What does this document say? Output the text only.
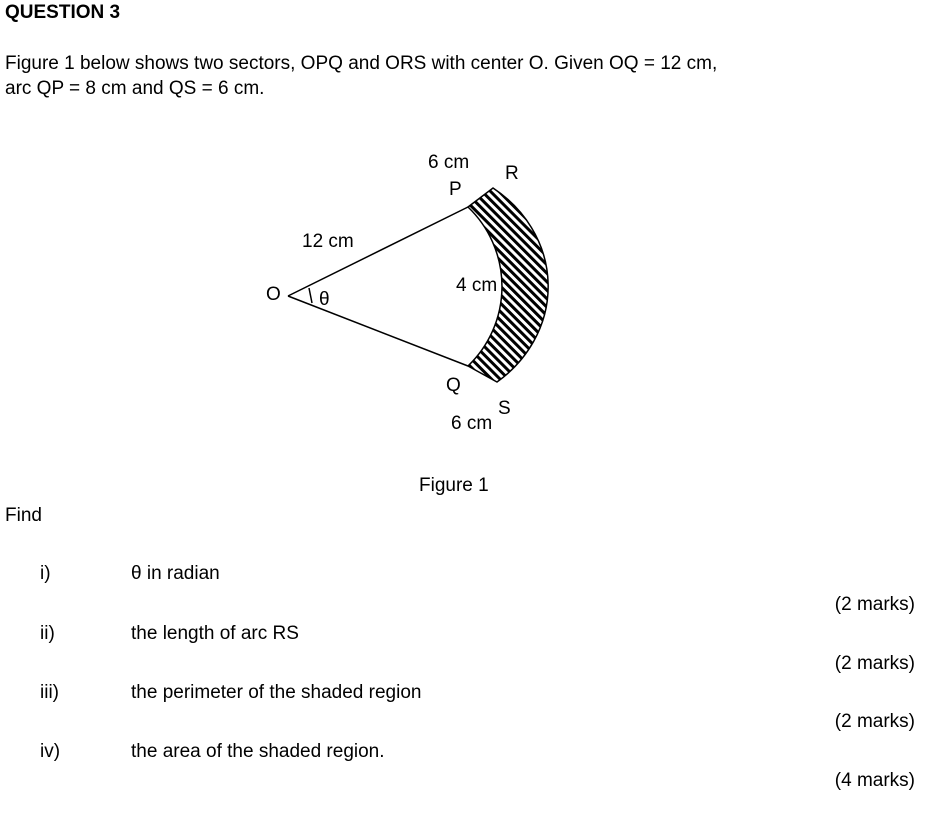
QUESTION 3
Figure 1 below shows two sectors, OPQ and ORS with center O. Given OQ = 12 cm,
arc QP = 8 cm and QS = 6 cm.
6 cm
R
P
12 cm
O θ
4 cm
Q
S
6 cm
Figure 1
Find
i)	θ in radian
(2 marks)
ii)	the length of arc RS
(2 marks)
iii)	the perimeter of the shaded region
(2 marks)
iv)	the area of the shaded region.
(4 marks)
